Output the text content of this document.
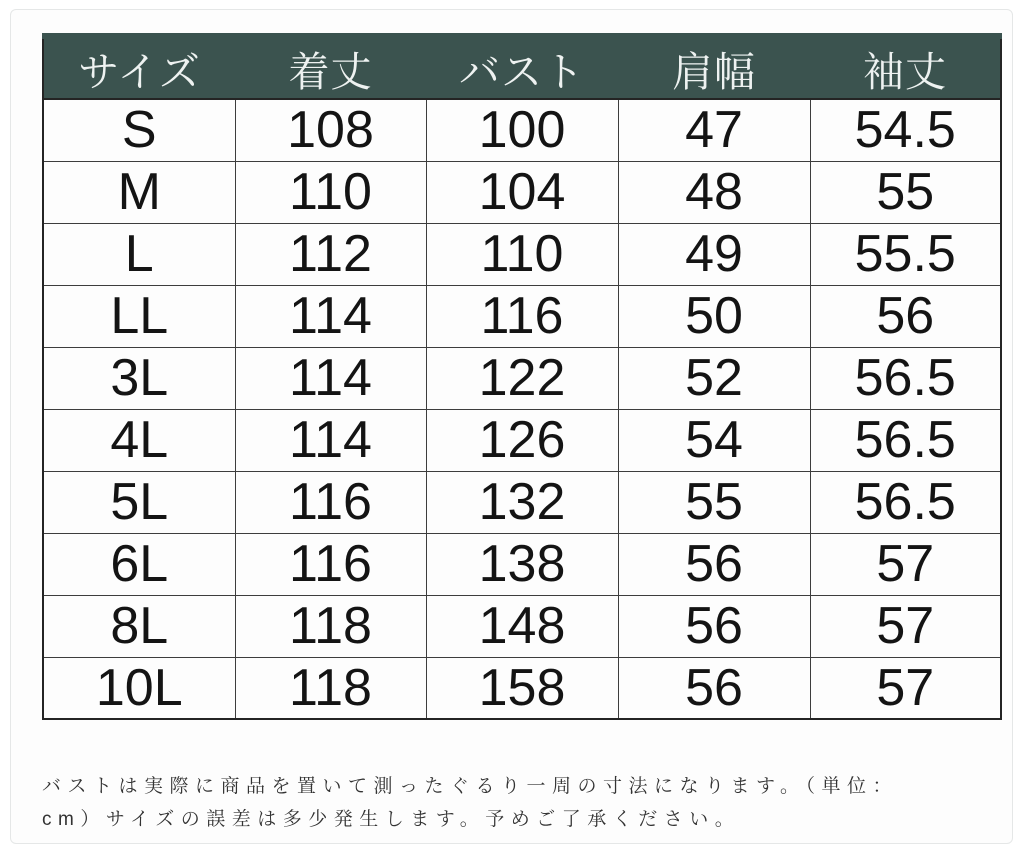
サイズ	着丈	バスト	肩幅	袖丈
S	108	100	47	54.5
M	110	104	48	55
L	112	110	49	55.5
LL	114	116	50	56
3L	114	122	52	56.5
4L	114	126	54	56.5
5L	116	132	55	56.5
6L	116	138	56	57
8L	118	148	56	57
10L	118	158	56	57
バストは実際に商品を置いて測ったぐるり一周の寸法になります。（単位：
cm）サイズの誤差は多少発生します。予めご了承ください。
